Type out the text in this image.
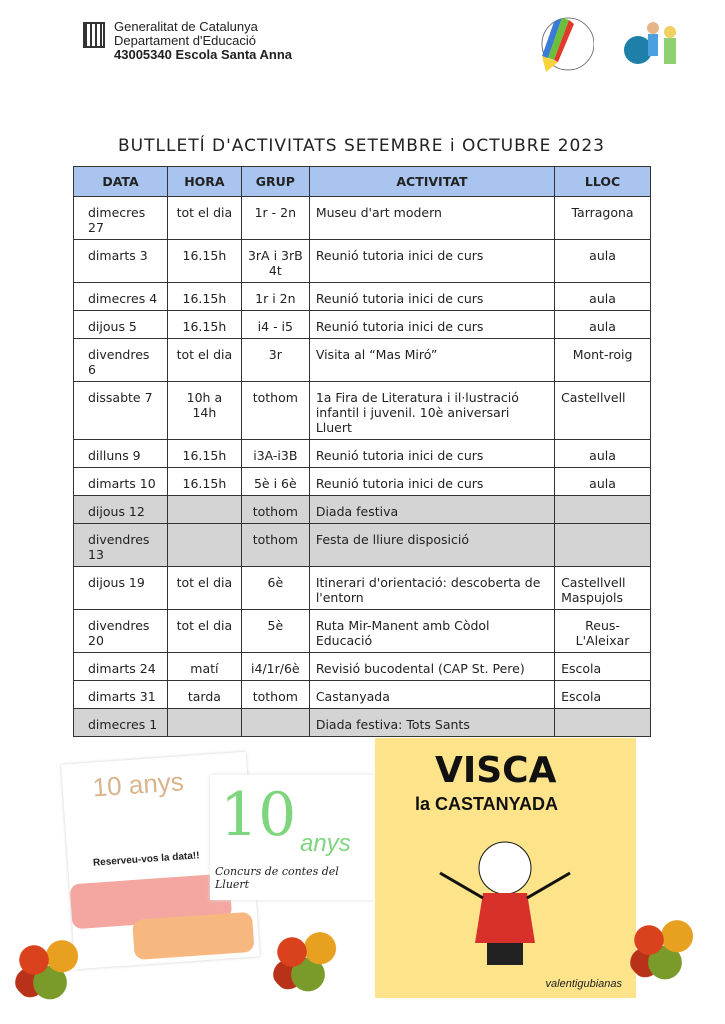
Generalitat de Catalunya
Departament d'Educació
43005340 Escola Santa Anna
BUTLLETÍ D'ACTIVITATS SETEMBRE i OCTUBRE 2023
DATA	HORA	GRUP	ACTIVITAT	LLOC
dimecres 27	tot el dia	1r - 2n	Museu d'art modern	Tarragona
dimarts 3	16.15h	3rA i 3rB 4t	Reunió tutoria inici de curs	aula
dimecres 4	16.15h	1r i 2n	Reunió tutoria inici de curs	aula
dijous 5	16.15h	i4 - i5	Reunió tutoria inici de curs	aula
divendres 6	tot el dia	3r	Visita al “Mas Miró”	Mont-roig
dissabte 7	10h a 14h	tothom	1a Fira de Literatura i il·lustració infantil i juvenil. 10è aniversari Lluert	Castellvell
dilluns 9	16.15h	i3A-i3B	Reunió tutoria inici de curs	aula
dimarts 10	16.15h	5è i 6è	Reunió tutoria inici de curs	aula
dijous 12		tothom	Diada festiva	
divendres 13		tothom	Festa de lliure disposició	
dijous 19	tot el dia	6è	Itinerari d'orientació: descoberta de l'entorn	Castellvell Maspujols
divendres 20	tot el dia	5è	Ruta Mir-Manent amb Còdol Educació	Reus-L'Aleixar
dimarts 24	matí	i4/1r/6è	Revisió bucodental (CAP St. Pere)	Escola
dimarts 31	tarda	tothom	Castanyada	Escola
dimecres 1			Diada festiva: Tots Sants	
10 anys
Reserveu-vos la data!!
10 anys
Concurs de contes del Lluert
VISCA
la CASTANYADA
valentigubianas
